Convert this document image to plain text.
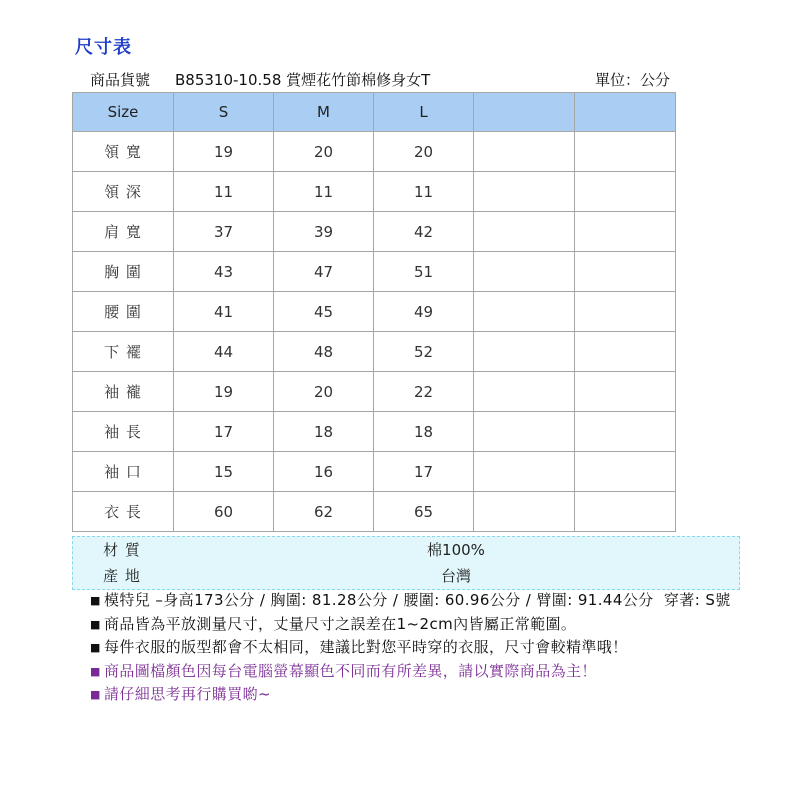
尺寸表
商品貨號 B85310-10.58 賞煙花竹節棉修身女T	單位：公分
Size	S	M	L		
領 寬	19	20	20		
領 深	11	11	11		
肩 寬	37	39	42		
胸 圍	43	47	51		
腰 圍	41	45	49		
下 襬	44	48	52		
袖 襱	19	20	22		
袖 長	17	18	18		
袖 口	15	16	17		
衣 長	60	62	65		
材 質	棉100%
產 地	台灣
■ 模特兒 –身高173公分 / 胸圍: 81.28公分 / 腰圍: 60.96公分 / 臂圍: 91.44公分  穿著: S號
■ 商品皆為平放測量尺寸，丈量尺寸之誤差在1~2cm內皆屬正常範圍。
■ 每件衣服的版型都會不太相同，建議比對您平時穿的衣服，尺寸會較精準哦！
■ 商品圖檔顏色因每台電腦螢幕顯色不同而有所差異，請以實際商品為主！
■ 請仔細思考再行購買喲~
